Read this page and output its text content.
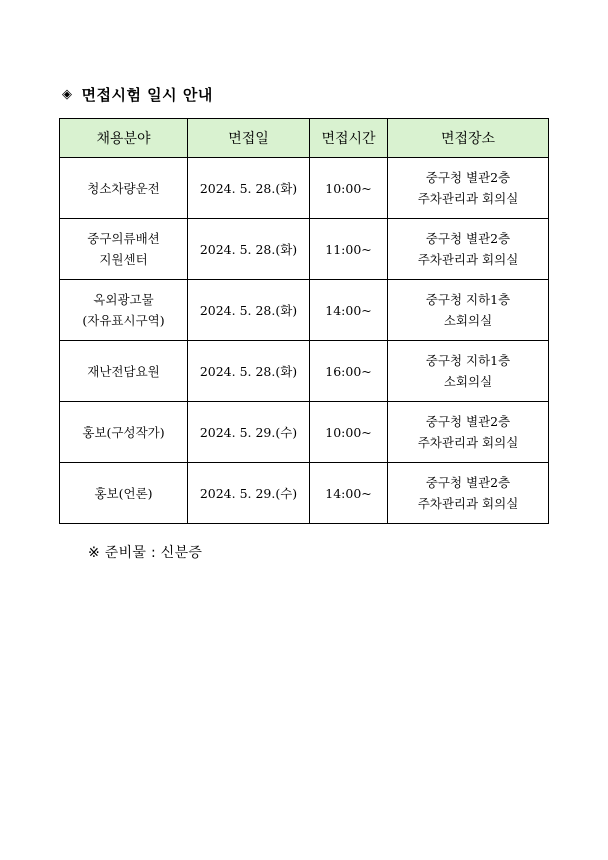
◈ 면접시험 일시 안내
채용분야	면접일	면접시간	면접장소

청소차량운전	2024. 5. 28.(화)	10:00~	중구청 별관2층
주차관리과 회의실

중구의류배션
지원센터	2024. 5. 28.(화)	11:00~	중구청 별관2층
주차관리과 회의실

옥외광고물
(자유표시구역)	2024. 5. 28.(화)	14:00~	중구청 지하1층
소회의실

재난전담요원	2024. 5. 28.(화)	16:00~	중구청 지하1층
소회의실

홍보(구성작가)	2024. 5. 29.(수)	10:00~	중구청 별관2층
주차관리과 회의실

홍보(언론)	2024. 5. 29.(수)	14:00~	중구청 별관2층
주차관리과 회의실
※ 준비물 : 신분증
